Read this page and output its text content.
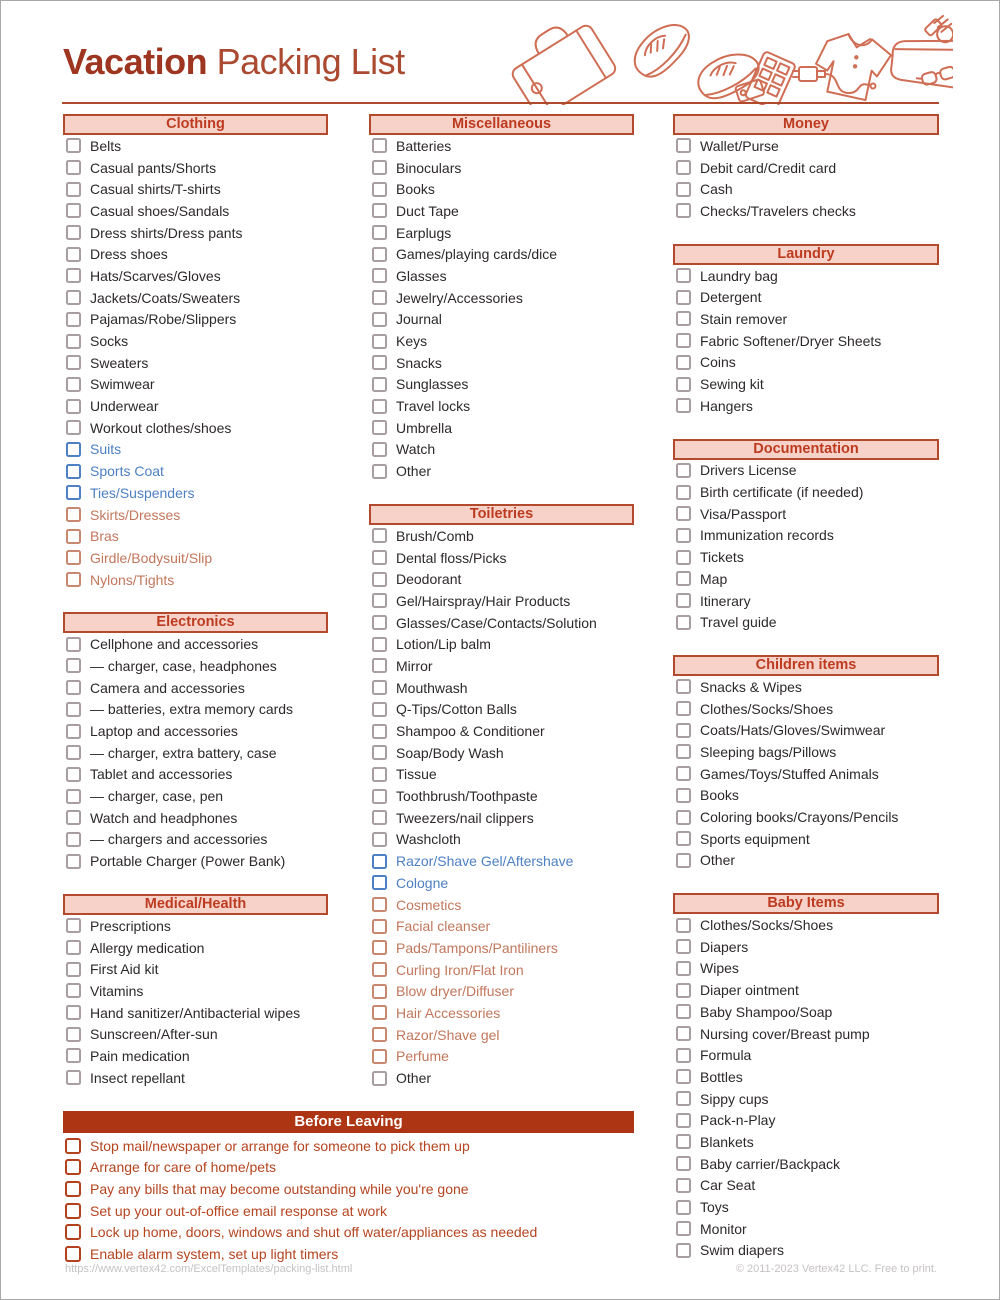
Vacation Packing List
Clothing
Belts
Casual pants/Shorts
Casual shirts/T-shirts
Casual shoes/Sandals
Dress shirts/Dress pants
Dress shoes
Hats/Scarves/Gloves
Jackets/Coats/Sweaters
Pajamas/Robe/Slippers
Socks
Sweaters
Swimwear
Underwear
Workout clothes/shoes
Suits
Sports Coat
Ties/Suspenders
Skirts/Dresses
Bras
Girdle/Bodysuit/Slip
Nylons/Tights
Electronics
Cellphone and accessories
— charger, case, headphones
Camera and accessories
— batteries, extra memory cards
Laptop and accessories
— charger, extra battery, case
Tablet and accessories
— charger, case, pen
Watch and headphones
— chargers and accessories
Portable Charger (Power Bank)
Medical/Health
Prescriptions
Allergy medication
First Aid kit
Vitamins
Hand sanitizer/Antibacterial wipes
Sunscreen/After-sun
Pain medication
Insect repellant
Miscellaneous
Batteries
Binoculars
Books
Duct Tape
Earplugs
Games/playing cards/dice
Glasses
Jewelry/Accessories
Journal
Keys
Snacks
Sunglasses
Travel locks
Umbrella
Watch
Other
Toiletries
Brush/Comb
Dental floss/Picks
Deodorant
Gel/Hairspray/Hair Products
Glasses/Case/Contacts/Solution
Lotion/Lip balm
Mirror
Mouthwash
Q-Tips/Cotton Balls
Shampoo & Conditioner
Soap/Body Wash
Tissue
Toothbrush/Toothpaste
Tweezers/nail clippers
Washcloth
Razor/Shave Gel/Aftershave
Cologne
Cosmetics
Facial cleanser
Pads/Tampons/Pantiliners
Curling Iron/Flat Iron
Blow dryer/Diffuser
Hair Accessories
Razor/Shave gel
Perfume
Other
Money
Wallet/Purse
Debit card/Credit card
Cash
Checks/Travelers checks
Laundry
Laundry bag
Detergent
Stain remover
Fabric Softener/Dryer Sheets
Coins
Sewing kit
Hangers
Documentation
Drivers License
Birth certificate (if needed)
Visa/Passport
Immunization records
Tickets
Map
Itinerary
Travel guide
Children items
Snacks & Wipes
Clothes/Socks/Shoes
Coats/Hats/Gloves/Swimwear
Sleeping bags/Pillows
Games/Toys/Stuffed Animals
Books
Coloring books/Crayons/Pencils
Sports equipment
Other
Baby Items
Clothes/Socks/Shoes
Diapers
Wipes
Diaper ointment
Baby Shampoo/Soap
Nursing cover/Breast pump
Formula
Bottles
Sippy cups
Pack-n-Play
Blankets
Baby carrier/Backpack
Car Seat
Toys
Monitor
Swim diapers
Before Leaving
Stop mail/newspaper or arrange for someone to pick them up
Arrange for care of home/pets
Pay any bills that may become outstanding while you're gone
Set up your out-of-office email response at work
Lock up home, doors, windows and shut off water/appliances as needed
Enable alarm system, set up light timers
https://www.vertex42.com/ExcelTemplates/packing-list.html	© 2011-2023 Vertex42 LLC. Free to print.
